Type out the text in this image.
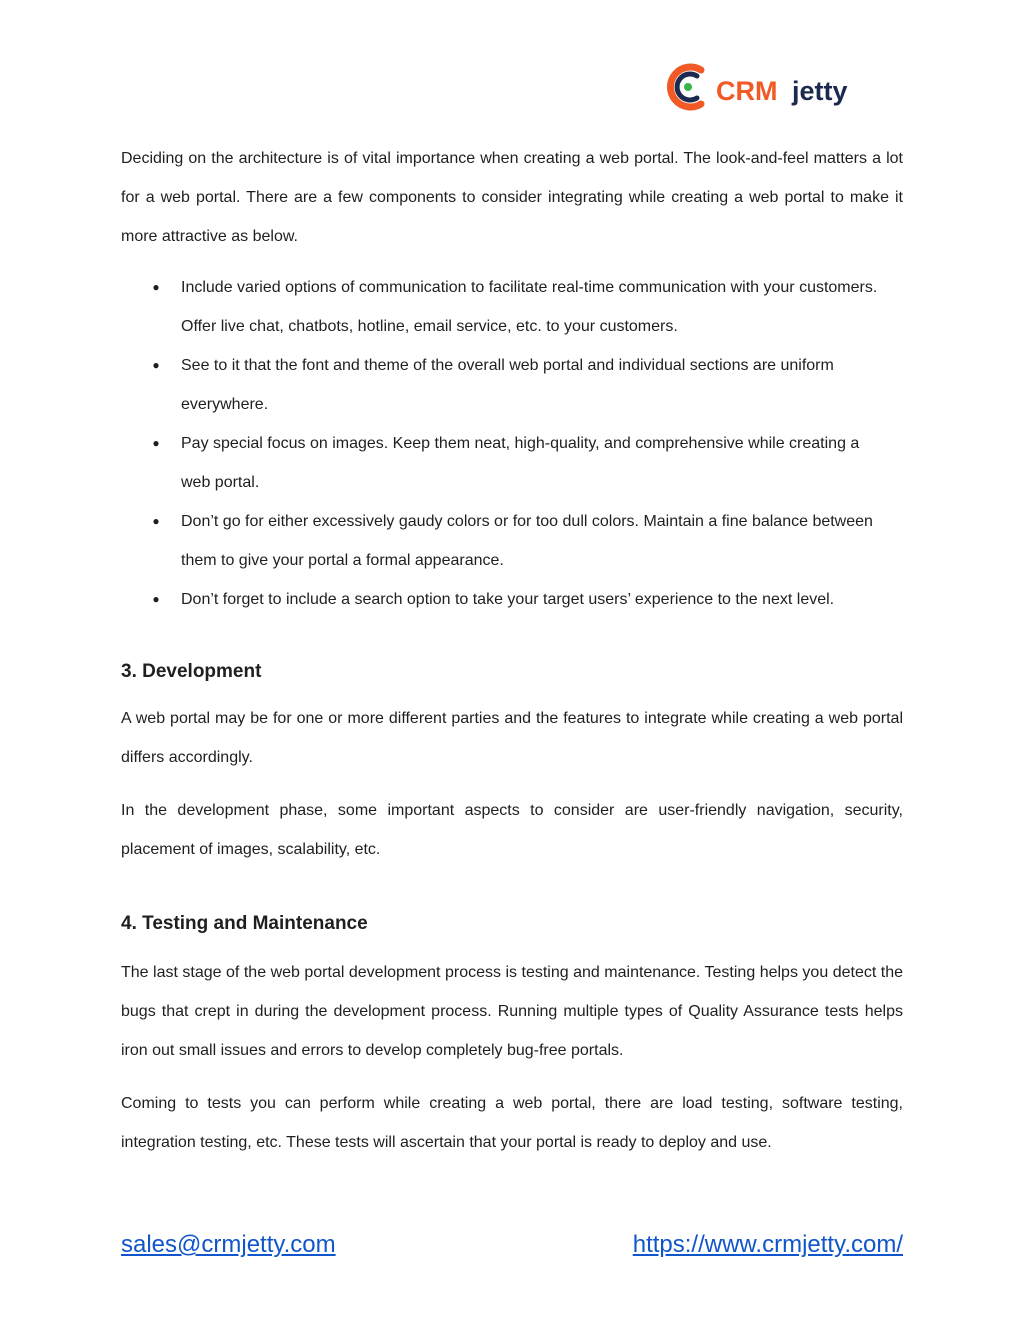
CRM jetty

Deciding on the architecture is of vital importance when creating a web portal. The look-and-feel matters a lot for a web portal. There are a few components to consider integrating while creating a web portal to make it more attractive as below.

● Include varied options of communication to facilitate real-time communication with your customers. Offer live chat, chatbots, hotline, email service, etc. to your customers.
● See to it that the font and theme of the overall web portal and individual sections are uniform everywhere.
● Pay special focus on images. Keep them neat, high-quality, and comprehensive while creating a web portal.
● Don’t go for either excessively gaudy colors or for too dull colors. Maintain a fine balance between them to give your portal a formal appearance.
● Don’t forget to include a search option to take your target users’ experience to the next level.
3. Development

A web portal may be for one or more different parties and the features to integrate while creating a web portal differs accordingly.

In the development phase, some important aspects to consider are user-friendly navigation, security, placement of images, scalability, etc.

4. Testing and Maintenance

The last stage of the web portal development process is testing and maintenance. Testing helps you detect the bugs that crept in during the development process. Running multiple types of Quality Assurance tests helps iron out small issues and errors to develop completely bug-free portals.

Coming to tests you can perform while creating a web portal, there are load testing, software testing, integration testing, etc. These tests will ascertain that your portal is ready to deploy and use.

sales@crmjetty.com	https://www.crmjetty.com/
